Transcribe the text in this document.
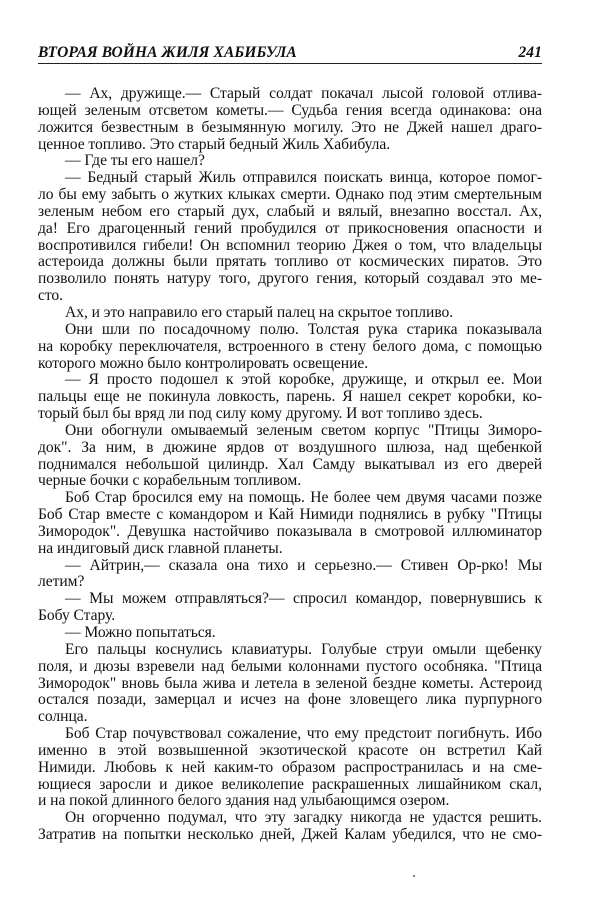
ВТОРАЯ ВОЙНА ЖИЛЯ ХАБИБУЛА	241
— Ах, дружище.— Старый солдат покачал лысой головой отлива-
ющей зеленым отсветом кометы.— Судьба гения всегда одинакова: она
ложится безвестным в безымянную могилу. Это не Джей нашел драго-
ценное топливо. Это старый бедный Жиль Хабибула.
— Где ты его нашел?
— Бедный старый Жиль отправился поискать винца, которое помог-
ло бы ему забыть о жутких клыках смерти. Однако под этим смертельным
зеленым небом его старый дух, слабый и вялый, внезапно восстал. Ах,
да! Его драгоценный гений пробудился от прикосновения опасности и
воспротивился гибели! Он вспомнил теорию Джея о том, что владельцы
астероида должны были прятать топливо от космических пиратов. Это
позволило понять натуру того, другого гения, который создавал это ме-
сто.
Ах, и это направило его старый палец на скрытое топливо.
Они шли по посадочному полю. Толстая рука старика показывала
на коробку переключателя, встроенного в стену белого дома, с помощью
которого можно было контролировать освещение.
— Я просто подошел к этой коробке, дружище, и открыл ее. Мои
пальцы еще не покинула ловкость, парень. Я нашел секрет коробки, ко-
торый был бы вряд ли под силу кому другому. И вот топливо здесь.
Они обогнули омываемый зеленым светом корпус "Птицы Зиморо-
док". За ним, в дюжине ярдов от воздушного шлюза, над щебенкой
поднимался небольшой цилиндр. Хал Самду выкатывал из его дверей
черные бочки с корабельным топливом.
Боб Стар бросился ему на помощь. Не более чем двумя часами позже
Боб Стар вместе с командором и Кай Нимиди поднялись в рубку "Птицы
Зимородок". Девушка настойчиво показывала в смотровой иллюминатор
на индиговый диск главной планеты.
— Айтрин,— сказала она тихо и серьезно.— Стивен Ор-рко! Мы
летим?
— Мы можем отправляться?— спросил командор, повернувшись к
Бобу Стару.
— Можно попытаться.
Его пальцы коснулись клавиатуры. Голубые струи омыли щебенку
поля, и дюзы взревели над белыми колоннами пустого особняка. "Птица
Зимородок" вновь была жива и летела в зеленой бездне кометы. Астероид
остался позади, замерцал и исчез на фоне зловещего лика пурпурного
солнца.
Боб Стар почувствовал сожаление, что ему предстоит погибнуть. Ибо
именно в этой возвышенной экзотической красоте он встретил Кай
Нимиди. Любовь к ней каким-то образом распространилась и на сме-
ющиеся заросли и дикое великолепие раскрашенных лишайником скал,
и на покой длинного белого здания над улыбающимся озером.
Он огорченно подумал, что эту загадку никогда не удастся решить.
Затратив на попытки несколько дней, Джей Калам убедился, что не смо-
